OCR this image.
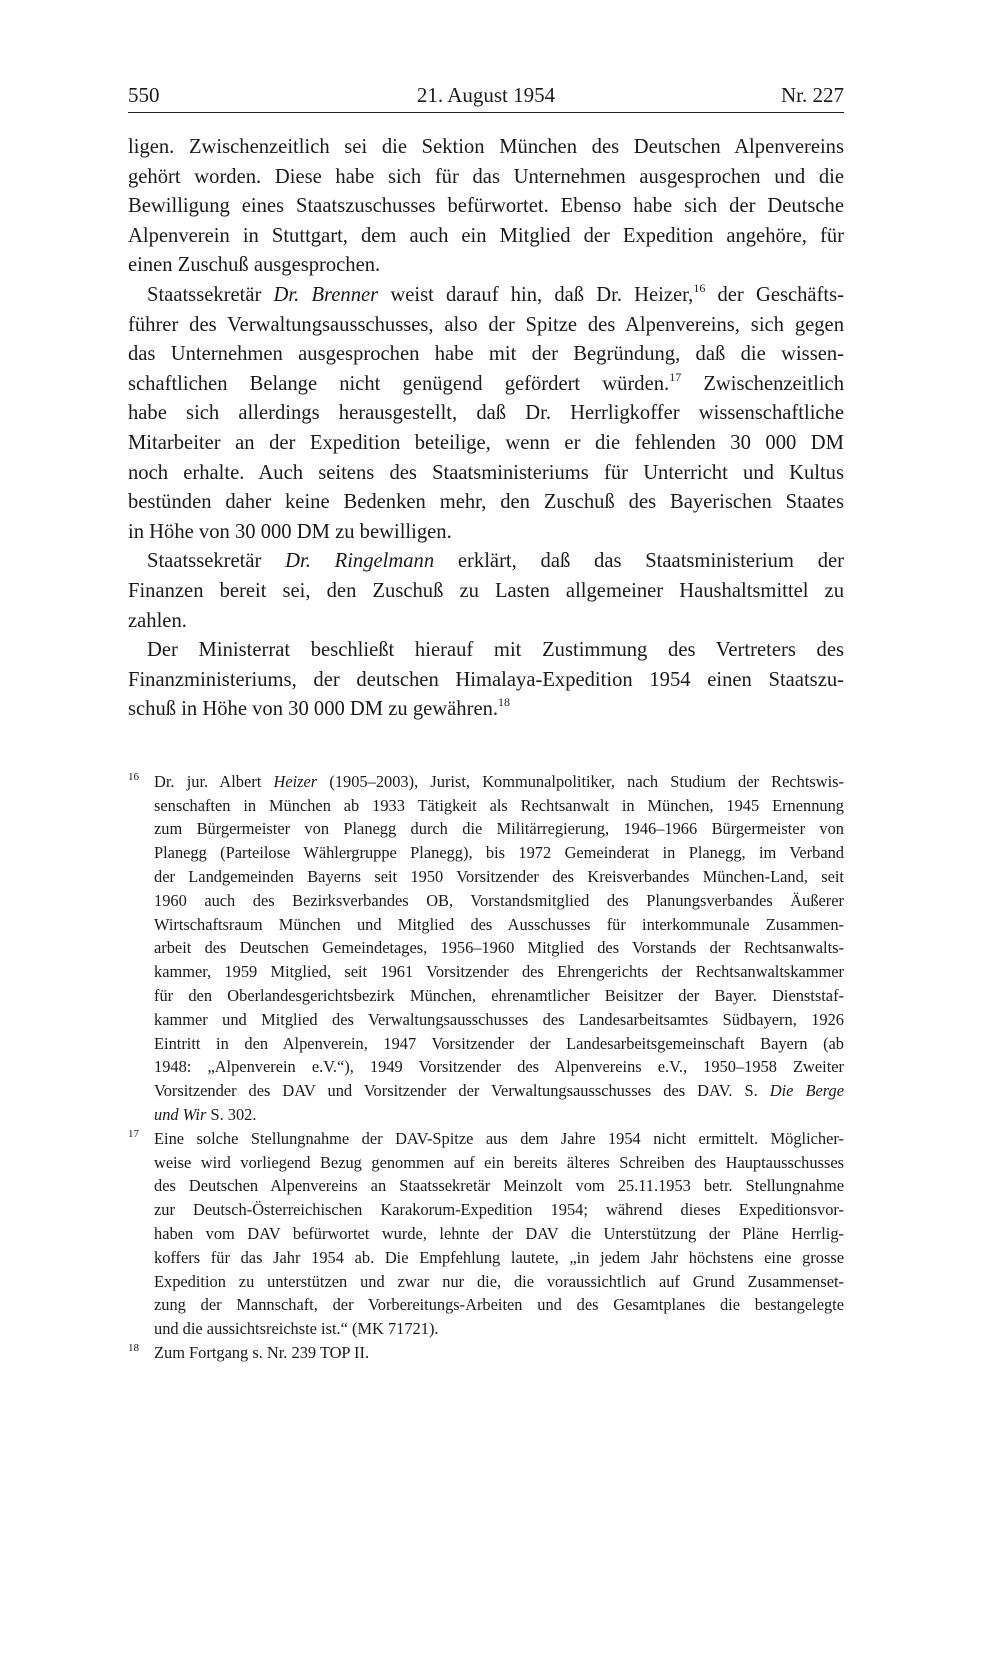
550	21. August 1954	Nr. 227

ligen. Zwischenzeitlich sei die Sektion München des Deutschen Alpenvereins
gehört worden. Diese habe sich für das Unternehmen ausgesprochen und die
Bewilligung eines Staatszuschusses befürwortet. Ebenso habe sich der Deutsche
Alpenverein in Stuttgart, dem auch ein Mitglied der Expedition angehöre, für
einen Zuschuß ausgesprochen.

Staatssekretär Dr. Brenner weist darauf hin, daß Dr. Heizer,$^{16}$ der Geschäfts-
führer des Verwaltungsausschusses, also der Spitze des Alpenvereins, sich gegen
das Unternehmen ausgesprochen habe mit der Begründung, daß die wissen-
schaftlichen Belange nicht genügend gefördert würden.$^{17}$ Zwischenzeitlich
habe sich allerdings herausgestellt, daß Dr. Herrligkoffer wissenschaftliche
Mitarbeiter an der Expedition beteilige, wenn er die fehlenden 30 000 DM
noch erhalte. Auch seitens des Staatsministeriums für Unterricht und Kultus
bestünden daher keine Bedenken mehr, den Zuschuß des Bayerischen Staates
in Höhe von 30 000 DM zu bewilligen.

Staatssekretär Dr. Ringelmann erklärt, daß das Staatsministerium der
Finanzen bereit sei, den Zuschuß zu Lasten allgemeiner Haushaltsmittel zu
zahlen.

Der Ministerrat beschließt hierauf mit Zustimmung des Vertreters des
Finanzministeriums, der deutschen Himalaya-Expedition 1954 einen Staatszu-
schuß in Höhe von 30 000 DM zu gewähren.$^{18}$

16 Dr. jur. Albert Heizer (1905–2003), Jurist, Kommunalpolitiker, nach Studium der Rechtswis-
senschaften in München ab 1933 Tätigkeit als Rechtsanwalt in München, 1945 Ernennung
zum Bürgermeister von Planegg durch die Militärregierung, 1946–1966 Bürgermeister von
Planegg (Parteilose Wählergruppe Planegg), bis 1972 Gemeinderat in Planegg, im Verband
der Landgemeinden Bayerns seit 1950 Vorsitzender des Kreisverbandes München-Land, seit
1960 auch des Bezirksverbandes OB, Vorstandsmitglied des Planungsverbandes Äußerer
Wirtschaftsraum München und Mitglied des Ausschusses für interkommunale Zusammen-
arbeit des Deutschen Gemeindetages, 1956–1960 Mitglied des Vorstands der Rechtsanwalts-
kammer, 1959 Mitglied, seit 1961 Vorsitzender des Ehrengerichts der Rechtsanwaltskammer
für den Oberlandesgerichtsbezirk München, ehrenamtlicher Beisitzer der Bayer. Dienststaf-
kammer und Mitglied des Verwaltungsausschusses des Landesarbeitsamtes Südbayern, 1926
Eintritt in den Alpenverein, 1947 Vorsitzender der Landesarbeitsgemeinschaft Bayern (ab
1948: „Alpenverein e.V.“), 1949 Vorsitzender des Alpenvereins e.V., 1950–1958 Zweiter
Vorsitzender des DAV und Vorsitzender der Verwaltungsausschusses des DAV. S. Die Berge
und Wir S. 302.
17 Eine solche Stellungnahme der DAV-Spitze aus dem Jahre 1954 nicht ermittelt. Möglicher-
weise wird vorliegend Bezug genommen auf ein bereits älteres Schreiben des Hauptausschusses
des Deutschen Alpenvereins an Staatssekretär Meinzolt vom 25.11.1953 betr. Stellungnahme
zur Deutsch-Österreichischen Karakorum-Expedition 1954; während dieses Expeditionsvor-
haben vom DAV befürwortet wurde, lehnte der DAV die Unterstützung der Pläne Herrlig-
koffers für das Jahr 1954 ab. Die Empfehlung lautete, „in jedem Jahr höchstens eine grosse
Expedition zu unterstützen und zwar nur die, die voraussichtlich auf Grund Zusammenset-
zung der Mannschaft, der Vorbereitungs-Arbeiten und des Gesamtplanes die bestangelegte
und die aussichtsreichste ist.“ (MK 71721).
18 Zum Fortgang s. Nr. 239 TOP II.
